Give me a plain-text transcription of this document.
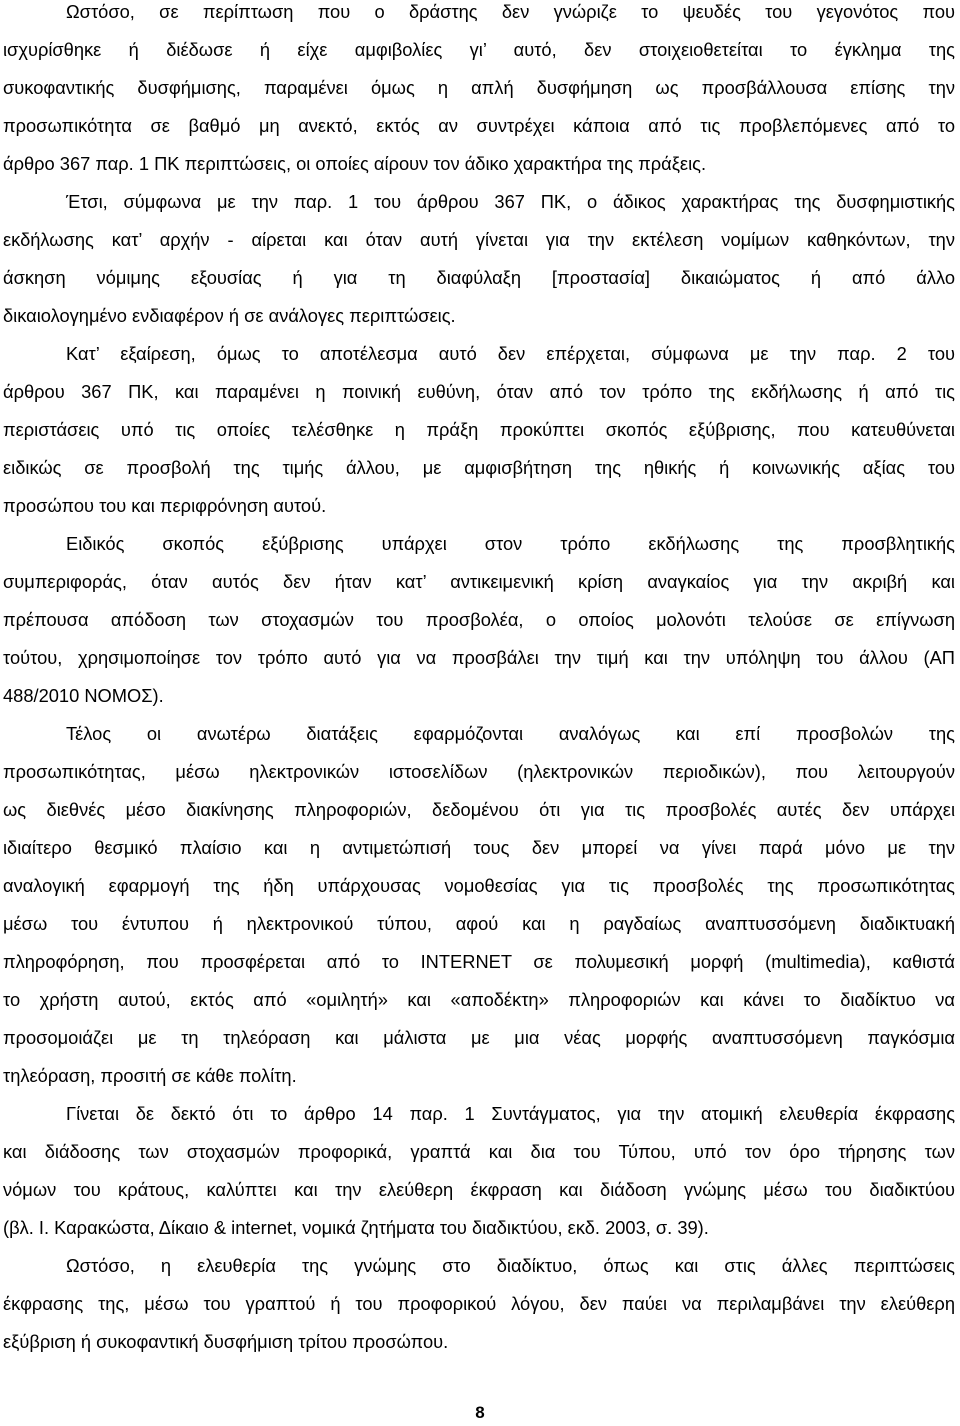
Ωστόσο, σε περίπτωση που ο δράστης δεν γνώριζε το ψευδές του γεγονότος που
ισχυρίσθηκε ή διέδωσε ή είχε αμφιβολίες γι’ αυτό, δεν στοιχειοθετείται το έγκλημα της
συκοφαντικής δυσφήμισης, παραμένει όμως η απλή δυσφήμηση ως προσβάλλουσα επίσης την
προσωπικότητα σε βαθμό μη ανεκτό, εκτός αν συντρέχει κάποια από τις προβλεπόμενες από το
άρθρο 367 παρ. 1 ΠΚ περιπτώσεις, οι οποίες αίρουν τον άδικο χαρακτήρα της πράξεις.
Έτσι, σύμφωνα με την παρ. 1 του άρθρου 367 ΠΚ, ο άδικος χαρακτήρας της δυσφημιστικής
εκδήλωσης κατ’ αρχήν - αίρεται και όταν αυτή γίνεται για την εκτέλεση νομίμων καθηκόντων, την
άσκηση νόμιμης εξουσίας ή για τη διαφύλαξη [προστασία] δικαιώματος ή από άλλο
δικαιολογημένο ενδιαφέρον ή σε ανάλογες περιπτώσεις.
Κατ’ εξαίρεση, όμως το αποτέλεσμα αυτό δεν επέρχεται, σύμφωνα με την παρ. 2 του
άρθρου 367 ΠΚ, και παραμένει η ποινική ευθύνη, όταν από τον τρόπο της εκδήλωσης ή από τις
περιστάσεις υπό τις οποίες τελέσθηκε η πράξη προκύπτει σκοπός εξύβρισης, που κατευθύνεται
ειδικώς σε προσβολή της τιμής άλλου, με αμφισβήτηση της ηθικής ή κοινωνικής αξίας του
προσώπου του και περιφρόνηση αυτού.
Ειδικός σκοπός εξύβρισης υπάρχει στον τρόπο εκδήλωσης της προσβλητικής
συμπεριφοράς, όταν αυτός δεν ήταν κατ’ αντικειμενική κρίση αναγκαίος για την ακριβή και
πρέπουσα απόδοση των στοχασμών του προσβολέα, ο οποίος μολονότι τελούσε σε επίγνωση
τούτου, χρησιμοποίησε τον τρόπο αυτό για να προσβάλει την τιμή και την υπόληψη του άλλου (ΑΠ
488/2010 ΝΟΜΟΣ).
Τέλος οι ανωτέρω διατάξεις εφαρμόζονται αναλόγως και επί προσβολών της
προσωπικότητας, μέσω ηλεκτρονικών ιστοσελίδων (ηλεκτρονικών περιοδικών), που λειτουργούν
ως διεθνές μέσο διακίνησης πληροφοριών, δεδομένου ότι για τις προσβολές αυτές δεν υπάρχει
ιδιαίτερο θεσμικό πλαίσιο και η αντιμετώπισή τους δεν μπορεί να γίνει παρά μόνο με την
αναλογική εφαρμογή της ήδη υπάρχουσας νομοθεσίας για τις προσβολές της προσωπικότητας
μέσω του έντυπου ή ηλεκτρονικού τύπου, αφού και η ραγδαίως αναπτυσσόμενη διαδικτυακή
πληροφόρηση, που προσφέρεται από το INTERNET σε πολυμεσική μορφή (multimedia), καθιστά
το χρήστη αυτού, εκτός από «ομιλητή» και «αποδέκτη» πληροφοριών και κάνει το διαδίκτυο να
προσομοιάζει με τη τηλεόραση και μάλιστα με μια νέας μορφής αναπτυσσόμενη παγκόσμια
τηλεόραση, προσιτή σε κάθε πολίτη.
Γίνεται δε δεκτό ότι το άρθρο 14 παρ. 1 Συντάγματος, για την ατομική ελευθερία έκφρασης
και διάδοσης των στοχασμών προφορικά, γραπτά και δια του Τύπου, υπό τον όρο τήρησης των
νόμων του κράτους, καλύπτει και την ελεύθερη έκφραση και διάδοση γνώμης μέσω του διαδικτύου
(βλ. Ι. Καρακώστα, Δίκαιο & internet, νομικά ζητήματα του διαδικτύου, εκδ. 2003, σ. 39).
Ωστόσο, η ελευθερία της γνώμης στο διαδίκτυο, όπως και στις άλλες περιπτώσεις
έκφρασης της, μέσω του γραπτού ή του προφορικού λόγου, δεν παύει να περιλαμβάνει την ελεύθερη
εξύβριση ή συκοφαντική δυσφήμιση τρίτου προσώπου.
8
